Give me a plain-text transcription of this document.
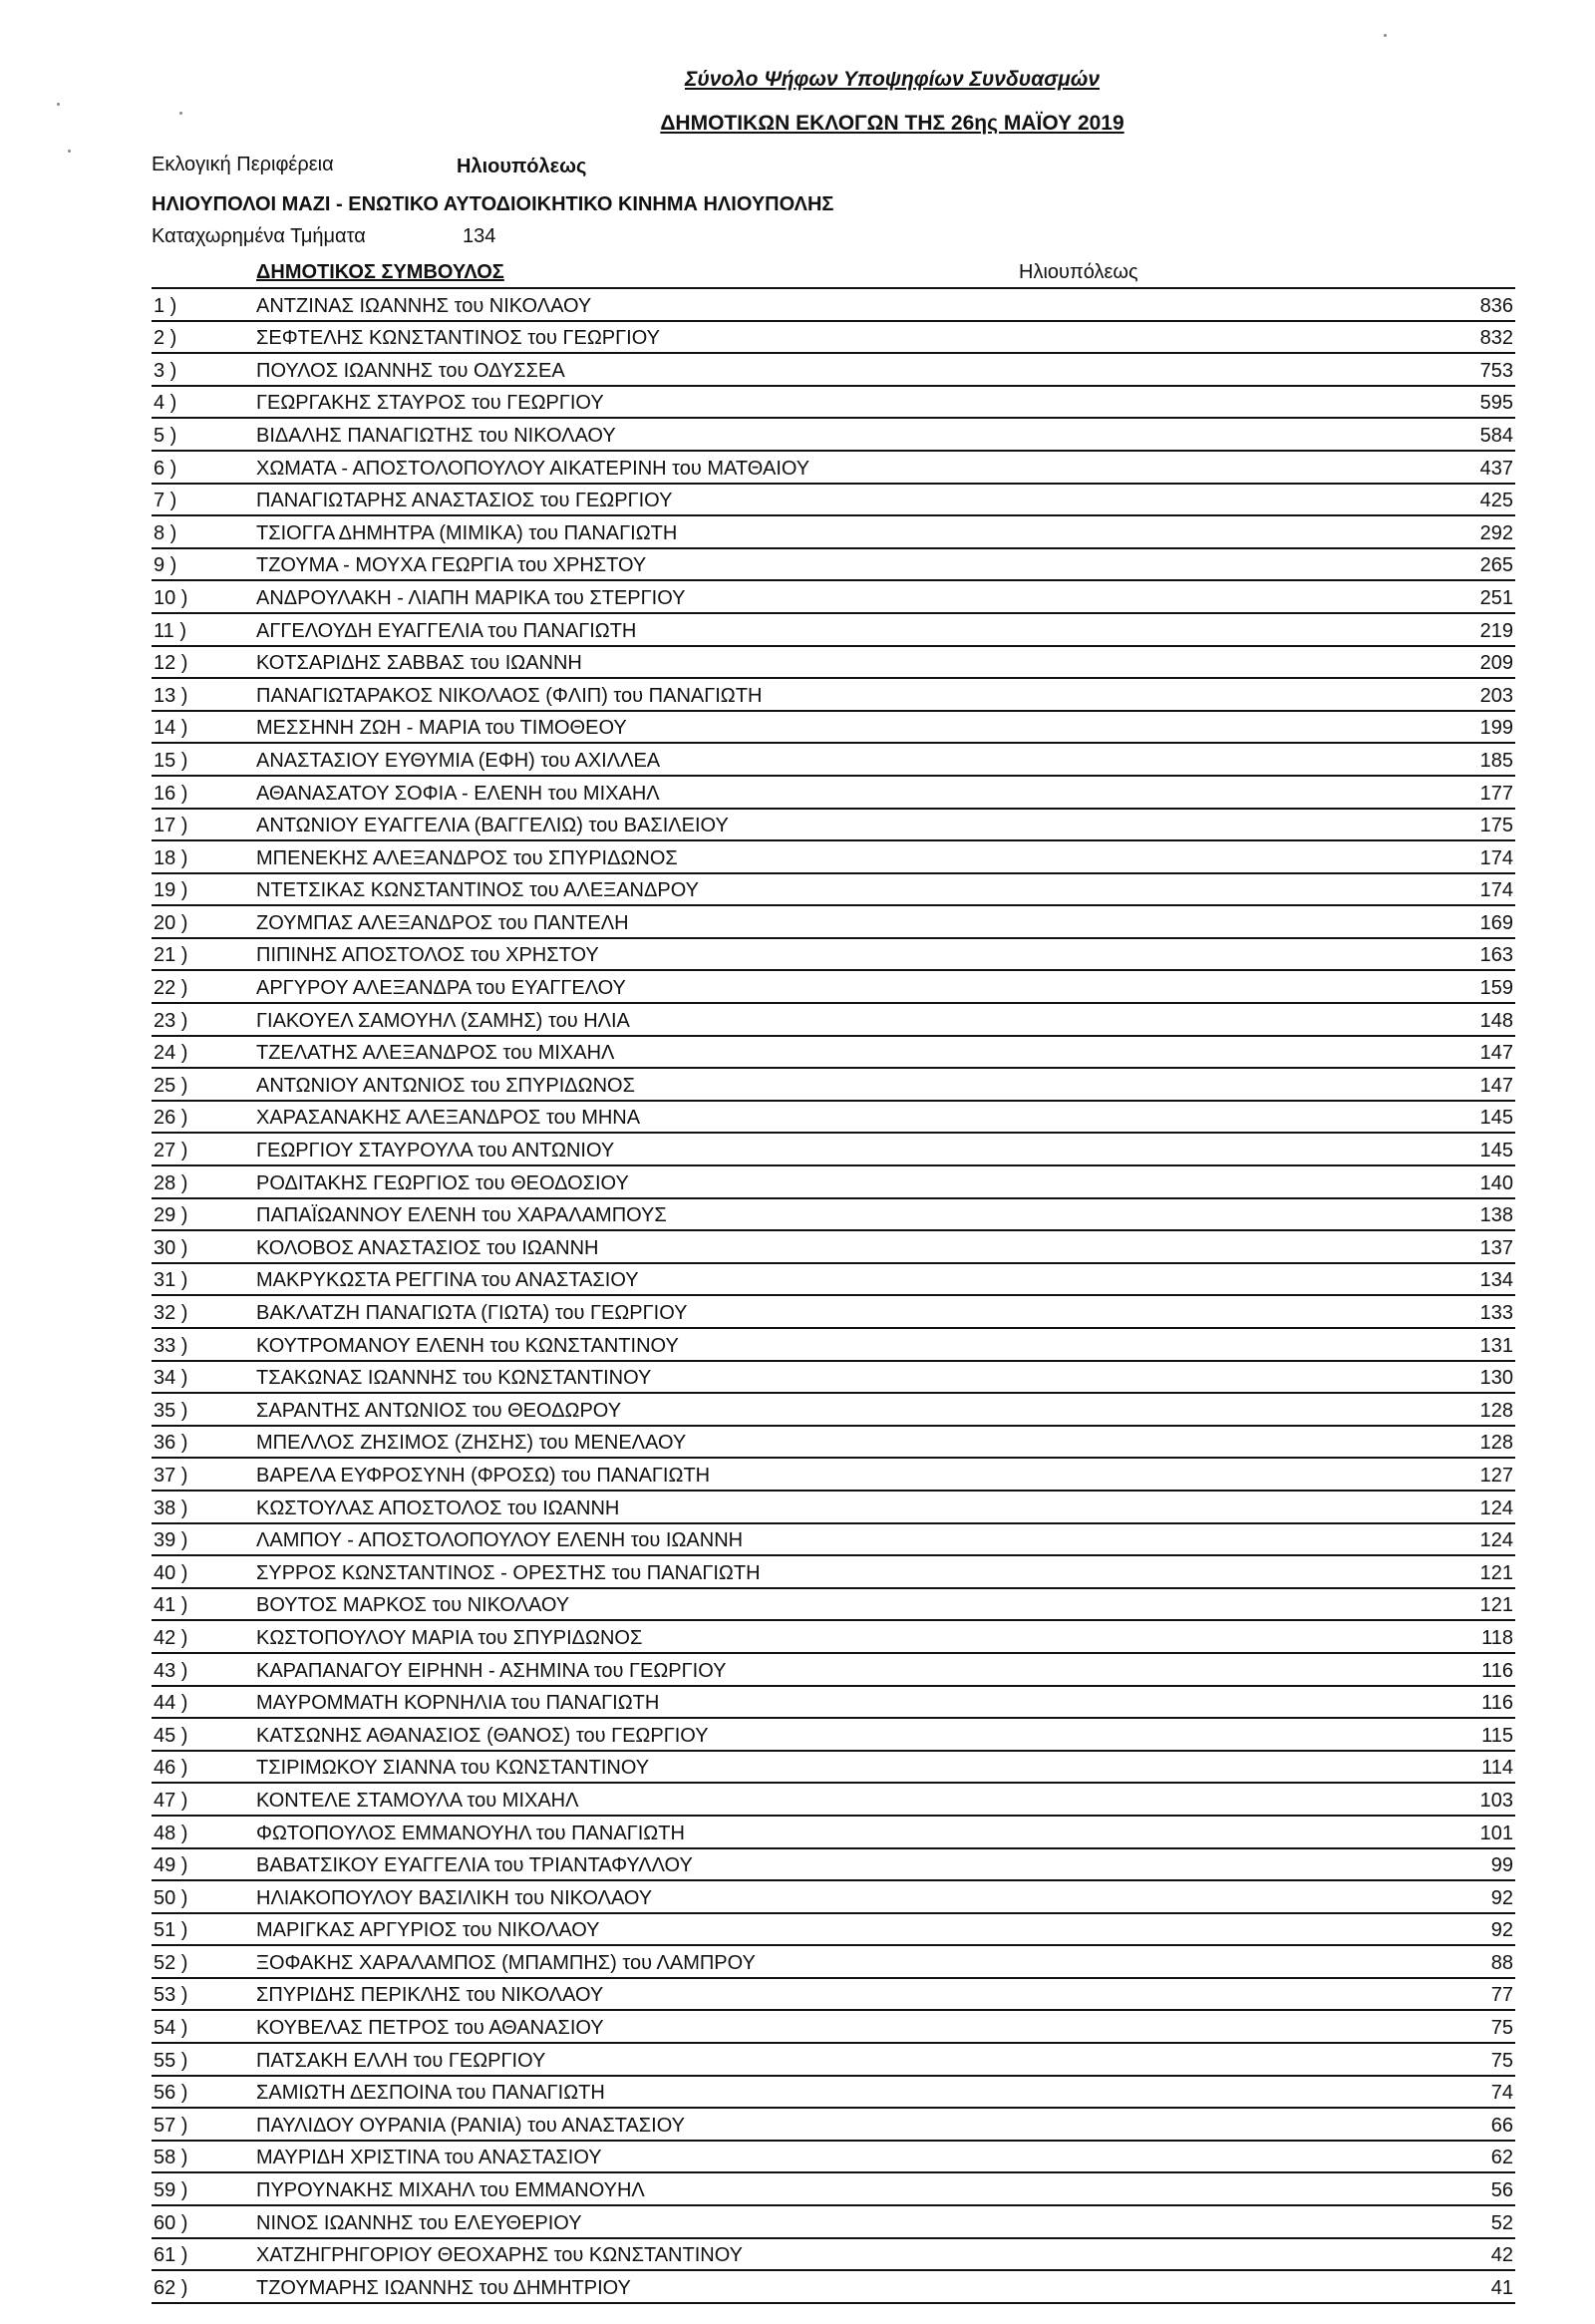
Σύνολο Ψήφων Υποψηφίων Συνδυασμών
ΔΗΜΟΤΙΚΩΝ ΕΚΛΟΓΩΝ ΤΗΣ 26ης ΜΑΪΟΥ 2019
Εκλογική Περιφέρεια	Ηλιουπόλεως
ΗΛΙΟΥΠΟΛΟΙ ΜΑΖΙ - ΕΝΩΤΙΚΟ ΑΥΤΟΔΙΟΙΚΗΤΙΚΟ ΚΙΝΗΜΑ ΗΛΙΟΥΠΟΛΗΣ
Καταχωρημένα Τμήματα	134
ΔΗΜΟΤΙΚΟΣ ΣΥΜΒΟΥΛΟΣ	Ηλιουπόλεως
1 )	ΑΝΤΖΙΝΑΣ ΙΩΑΝΝΗΣ του ΝΙΚΟΛΑΟΥ	836
2 )	ΣΕΦΤΕΛΗΣ ΚΩΝΣΤΑΝΤΙΝΟΣ του ΓΕΩΡΓΙΟΥ	832
3 )	ΠΟΥΛΟΣ ΙΩΑΝΝΗΣ του ΟΔΥΣΣΕΑ	753
4 )	ΓΕΩΡΓΑΚΗΣ ΣΤΑΥΡΟΣ του ΓΕΩΡΓΙΟΥ	595
5 )	ΒΙΔΑΛΗΣ ΠΑΝΑΓΙΩΤΗΣ του ΝΙΚΟΛΑΟΥ	584
6 )	ΧΩΜΑΤΑ - ΑΠΟΣΤΟΛΟΠΟΥΛΟΥ ΑΙΚΑΤΕΡΙΝΗ του ΜΑΤΘΑΙΟΥ	437
7 )	ΠΑΝΑΓΙΩΤΑΡΗΣ ΑΝΑΣΤΑΣΙΟΣ του ΓΕΩΡΓΙΟΥ	425
8 )	ΤΣΙΟΓΓΑ ΔΗΜΗΤΡΑ (ΜΙΜΙΚΑ) του ΠΑΝΑΓΙΩΤΗ	292
9 )	ΤΖΟΥΜΑ - ΜΟΥΧΑ ΓΕΩΡΓΙΑ του ΧΡΗΣΤΟΥ	265
10 )	ΑΝΔΡΟΥΛΑΚΗ - ΛΙΑΠΗ ΜΑΡΙΚΑ του ΣΤΕΡΓΙΟΥ	251
11 )	ΑΓΓΕΛΟΥΔΗ ΕΥΑΓΓΕΛΙΑ του ΠΑΝΑΓΙΩΤΗ	219
12 )	ΚΟΤΣΑΡΙΔΗΣ ΣΑΒΒΑΣ του ΙΩΑΝΝΗ	209
13 )	ΠΑΝΑΓΙΩΤΑΡΑΚΟΣ ΝΙΚΟΛΑΟΣ (ΦΛΙΠ) του ΠΑΝΑΓΙΩΤΗ	203
14 )	ΜΕΣΣΗΝΗ ΖΩΗ - ΜΑΡΙΑ του ΤΙΜΟΘΕΟΥ	199
15 )	ΑΝΑΣΤΑΣΙΟΥ ΕΥΘΥΜΙΑ (ΕΦΗ) του ΑΧΙΛΛΕΑ	185
16 )	ΑΘΑΝΑΣΑΤΟΥ ΣΟΦΙΑ - ΕΛΕΝΗ του ΜΙΧΑΗΛ	177
17 )	ΑΝΤΩΝΙΟΥ ΕΥΑΓΓΕΛΙΑ (ΒΑΓΓΕΛΙΩ) του ΒΑΣΙΛΕΙΟΥ	175
18 )	ΜΠΕΝΕΚΗΣ ΑΛΕΞΑΝΔΡΟΣ του ΣΠΥΡΙΔΩΝΟΣ	174
19 )	ΝΤΕΤΣΙΚΑΣ ΚΩΝΣΤΑΝΤΙΝΟΣ του ΑΛΕΞΑΝΔΡΟΥ	174
20 )	ΖΟΥΜΠΑΣ ΑΛΕΞΑΝΔΡΟΣ του ΠΑΝΤΕΛΗ	169
21 )	ΠΙΠΙΝΗΣ ΑΠΟΣΤΟΛΟΣ του ΧΡΗΣΤΟΥ	163
22 )	ΑΡΓΥΡΟΥ ΑΛΕΞΑΝΔΡΑ του ΕΥΑΓΓΕΛΟΥ	159
23 )	ΓΙΑΚΟΥΕΛ ΣΑΜΟΥΗΛ (ΣΑΜΗΣ) του ΗΛΙΑ	148
24 )	ΤΖΕΛΑΤΗΣ ΑΛΕΞΑΝΔΡΟΣ του ΜΙΧΑΗΛ	147
25 )	ΑΝΤΩΝΙΟΥ ΑΝΤΩΝΙΟΣ του ΣΠΥΡΙΔΩΝΟΣ	147
26 )	ΧΑΡΑΣΑΝΑΚΗΣ ΑΛΕΞΑΝΔΡΟΣ του ΜΗΝΑ	145
27 )	ΓΕΩΡΓΙΟΥ ΣΤΑΥΡΟΥΛΑ του ΑΝΤΩΝΙΟΥ	145
28 )	ΡΟΔΙΤΑΚΗΣ ΓΕΩΡΓΙΟΣ του ΘΕΟΔΟΣΙΟΥ	140
29 )	ΠΑΠΑΪΩΑΝΝΟΥ ΕΛΕΝΗ του ΧΑΡΑΛΑΜΠΟΥΣ	138
30 )	ΚΟΛΟΒΟΣ ΑΝΑΣΤΑΣΙΟΣ του ΙΩΑΝΝΗ	137
31 )	ΜΑΚΡΥΚΩΣΤΑ ΡΕΓΓΙΝΑ του ΑΝΑΣΤΑΣΙΟΥ	134
32 )	ΒΑΚΛΑΤΖΗ ΠΑΝΑΓΙΩΤΑ (ΓΙΩΤΑ) του ΓΕΩΡΓΙΟΥ	133
33 )	ΚΟΥΤΡΟΜΑΝΟΥ ΕΛΕΝΗ του ΚΩΝΣΤΑΝΤΙΝΟΥ	131
34 )	ΤΣΑΚΩΝΑΣ ΙΩΑΝΝΗΣ του ΚΩΝΣΤΑΝΤΙΝΟΥ	130
35 )	ΣΑΡΑΝΤΗΣ ΑΝΤΩΝΙΟΣ του ΘΕΟΔΩΡΟΥ	128
36 )	ΜΠΕΛΛΟΣ ΖΗΣΙΜΟΣ (ΖΗΣΗΣ) του ΜΕΝΕΛΑΟΥ	128
37 )	ΒΑΡΕΛΑ ΕΥΦΡΟΣΥΝΗ (ΦΡΟΣΩ) του ΠΑΝΑΓΙΩΤΗ	127
38 )	ΚΩΣΤΟΥΛΑΣ ΑΠΟΣΤΟΛΟΣ του ΙΩΑΝΝΗ	124
39 )	ΛΑΜΠΟΥ - ΑΠΟΣΤΟΛΟΠΟΥΛΟΥ ΕΛΕΝΗ του ΙΩΑΝΝΗ	124
40 )	ΣΥΡΡΟΣ ΚΩΝΣΤΑΝΤΙΝΟΣ - ΟΡΕΣΤΗΣ του ΠΑΝΑΓΙΩΤΗ	121
41 )	ΒΟΥΤΟΣ ΜΑΡΚΟΣ του ΝΙΚΟΛΑΟΥ	121
42 )	ΚΩΣΤΟΠΟΥΛΟΥ ΜΑΡΙΑ του ΣΠΥΡΙΔΩΝΟΣ	118
43 )	ΚΑΡΑΠΑΝΑΓΟΥ ΕΙΡΗΝΗ - ΑΣΗΜΙΝΑ του ΓΕΩΡΓΙΟΥ	116
44 )	ΜΑΥΡΟΜΜΑΤΗ ΚΟΡΝΗΛΙΑ του ΠΑΝΑΓΙΩΤΗ	116
45 )	ΚΑΤΣΩΝΗΣ ΑΘΑΝΑΣΙΟΣ (ΘΑΝΟΣ) του ΓΕΩΡΓΙΟΥ	115
46 )	ΤΣΙΡΙΜΩΚΟΥ ΣΙΑΝΝΑ του ΚΩΝΣΤΑΝΤΙΝΟΥ	114
47 )	ΚΟΝΤΕΛΕ ΣΤΑΜΟΥΛΑ του ΜΙΧΑΗΛ	103
48 )	ΦΩΤΟΠΟΥΛΟΣ ΕΜΜΑΝΟΥΗΛ του ΠΑΝΑΓΙΩΤΗ	101
49 )	ΒΑΒΑΤΣΙΚΟΥ ΕΥΑΓΓΕΛΙΑ του ΤΡΙΑΝΤΑΦΥΛΛΟΥ	99
50 )	ΗΛΙΑΚΟΠΟΥΛΟΥ ΒΑΣΙΛΙΚΗ του ΝΙΚΟΛΑΟΥ	92
51 )	ΜΑΡΙΓΚΑΣ ΑΡΓΥΡΙΟΣ του ΝΙΚΟΛΑΟΥ	92
52 )	ΞΟΦΑΚΗΣ ΧΑΡΑΛΑΜΠΟΣ (ΜΠΑΜΠΗΣ) του ΛΑΜΠΡΟΥ	88
53 )	ΣΠΥΡΙΔΗΣ ΠΕΡΙΚΛΗΣ του ΝΙΚΟΛΑΟΥ	77
54 )	ΚΟΥΒΕΛΑΣ ΠΕΤΡΟΣ του ΑΘΑΝΑΣΙΟΥ	75
55 )	ΠΑΤΣΑΚΗ ΕΛΛΗ του ΓΕΩΡΓΙΟΥ	75
56 )	ΣΑΜΙΩΤΗ ΔΕΣΠΟΙΝΑ του ΠΑΝΑΓΙΩΤΗ	74
57 )	ΠΑΥΛΙΔΟΥ ΟΥΡΑΝΙΑ (ΡΑΝΙΑ) του ΑΝΑΣΤΑΣΙΟΥ	66
58 )	ΜΑΥΡΙΔΗ ΧΡΙΣΤΙΝΑ του ΑΝΑΣΤΑΣΙΟΥ	62
59 )	ΠΥΡΟΥΝΑΚΗΣ ΜΙΧΑΗΛ του ΕΜΜΑΝΟΥΗΛ	56
60 )	ΝΙΝΟΣ ΙΩΑΝΝΗΣ του ΕΛΕΥΘΕΡΙΟΥ	52
61 )	ΧΑΤΖΗΓΡΗΓΟΡΙΟΥ ΘΕΟΧΑΡΗΣ του ΚΩΝΣΤΑΝΤΙΝΟΥ	42
62 )	ΤΖΟΥΜΑΡΗΣ ΙΩΑΝΝΗΣ του ΔΗΜΗΤΡΙΟΥ	41
